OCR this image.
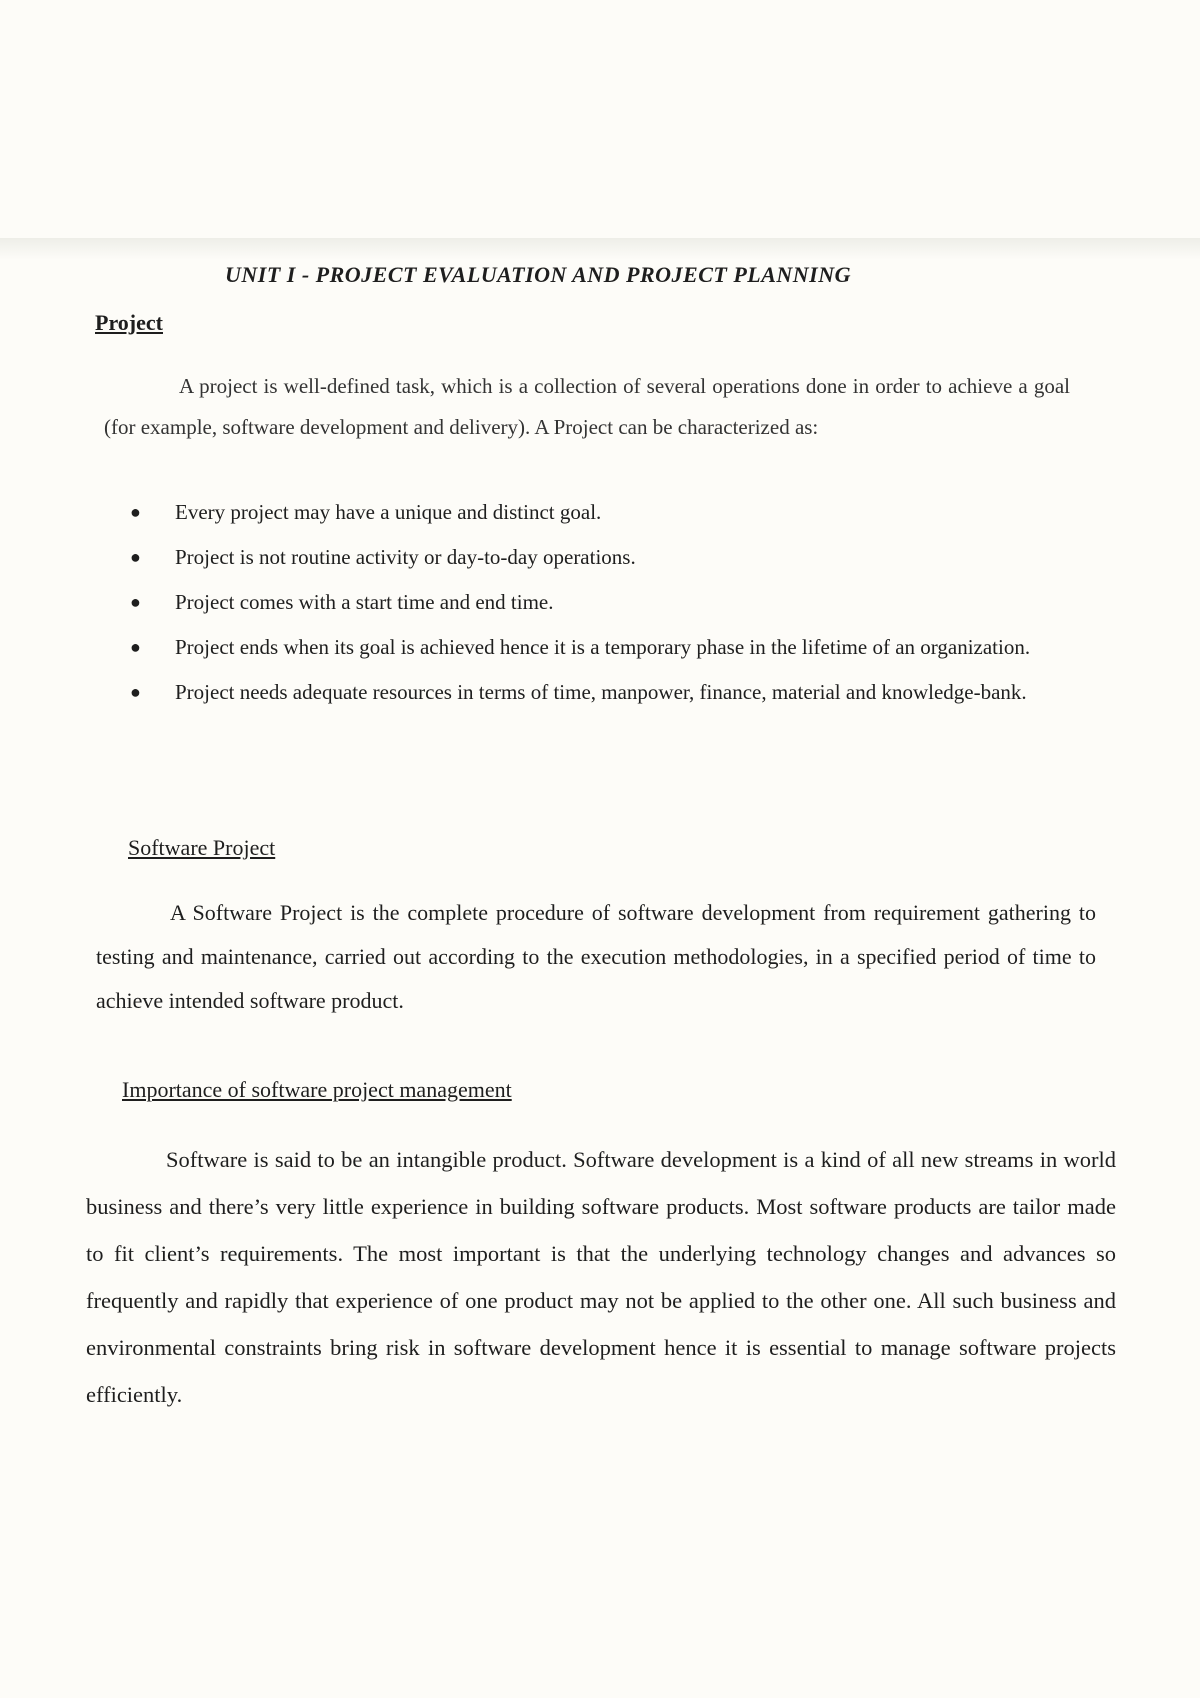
UNIT I - PROJECT EVALUATION AND PROJECT PLANNING
Project

A project is well-defined task, which is a collection of several operations done in order to achieve a goal (for example, software development and delivery). A Project can be characterized as:

● Every project may have a unique and distinct goal.
● Project is not routine activity or day-to-day operations.
● Project comes with a start time and end time.
● Project ends when its goal is achieved hence it is a temporary phase in the lifetime of an organization.
● Project needs adequate resources in terms of time, manpower, finance, material and knowledge-bank.
Software Project

A Software Project is the complete procedure of software development from requirement gathering to testing and maintenance, carried out according to the execution methodologies, in a specified period of time to achieve intended software product.

Importance of software project management

Software is said to be an intangible product. Software development is a kind of all new streams in world business and there’s very little experience in building software products. Most software products are tailor made to fit client’s requirements. The most important is that the underlying technology changes and advances so frequently and rapidly that experience of one product may not be applied to the other one. All such business and environmental constraints bring risk in software development hence it is essential to manage software projects efficiently.
